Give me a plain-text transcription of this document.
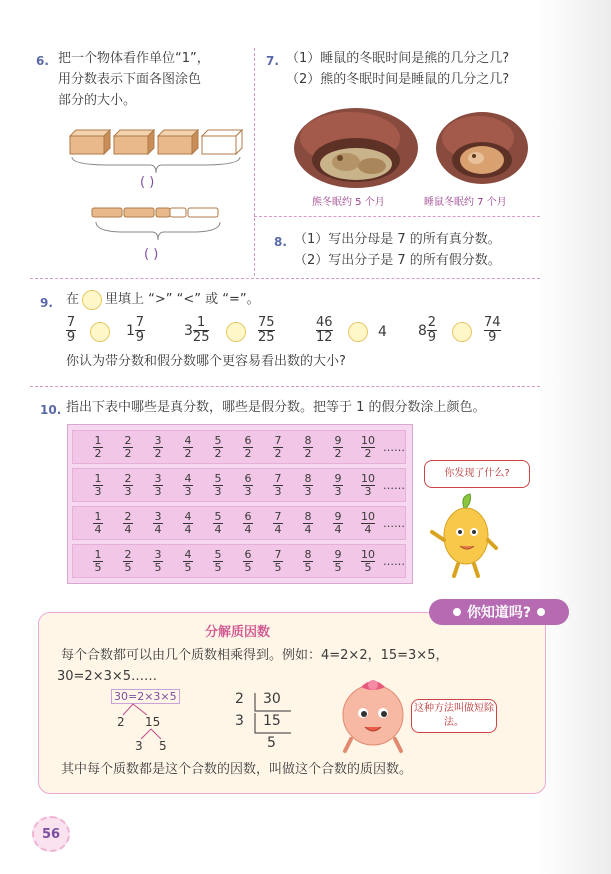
6. 把一个物体看作单位“1”，
用分数表示下面各图涂色
部分的大小。
( )
( )
7. （1）睡鼠的冬眠时间是熊的几分之几?
（2）熊的冬眠时间是睡鼠的几分之几?
熊冬眠约 5 个月	睡鼠冬眠约 7 个月
8. （1）写出分母是 7 的所有真分数。
（2）写出分子是 7 的所有假分数。
9. 在 里填上 “>” “<” 或 “=”。
7
9	$1 \frac{7}{9}$	$3 \frac{1}{25}$	75
25
46
12	4 $8 \frac{2}{9}$	74
9
你认为带分数和假分数哪个更容易看出数的大小?
10. 指出下表中哪些是真分数，哪些是假分数。把等于 1 的假分数涂上颜色。
$\frac{1}{2} \frac{2}{2} \frac{3}{2} \frac{4}{2} \frac{5}{2} \frac{6}{2} \frac{7}{2} \frac{8}{2} \frac{9}{2} \frac{10}{2}$ ……
$\frac{1}{3} \frac{2}{3} \frac{3}{3} \frac{4}{3} \frac{5}{3} \frac{6}{3} \frac{7}{3} \frac{8}{3} \frac{9}{3} \frac{10}{3}$ ……
$\frac{1}{4} \frac{2}{4} \frac{3}{4} \frac{4}{4} \frac{5}{4} \frac{6}{4} \frac{7}{4} \frac{8}{4} \frac{9}{4} \frac{10}{4}$ ……
$\frac{1}{5} \frac{2}{5} \frac{3}{5} \frac{4}{5} \frac{5}{5} \frac{6}{5} \frac{7}{5} \frac{8}{5} \frac{9}{5} \frac{10}{5}$ ……
你发现了什么?
你知道吗?
分解质因数
每个合数都可以由几个质数相乘得到。例如：4=2×2，15=3×5，
30=2×3×5……
30=2×3×5
2 15
3 5
2 30
3 15
5
这种方法叫做短除法。
其中每个质数都是这个合数的因数，叫做这个合数的质因数。
56
